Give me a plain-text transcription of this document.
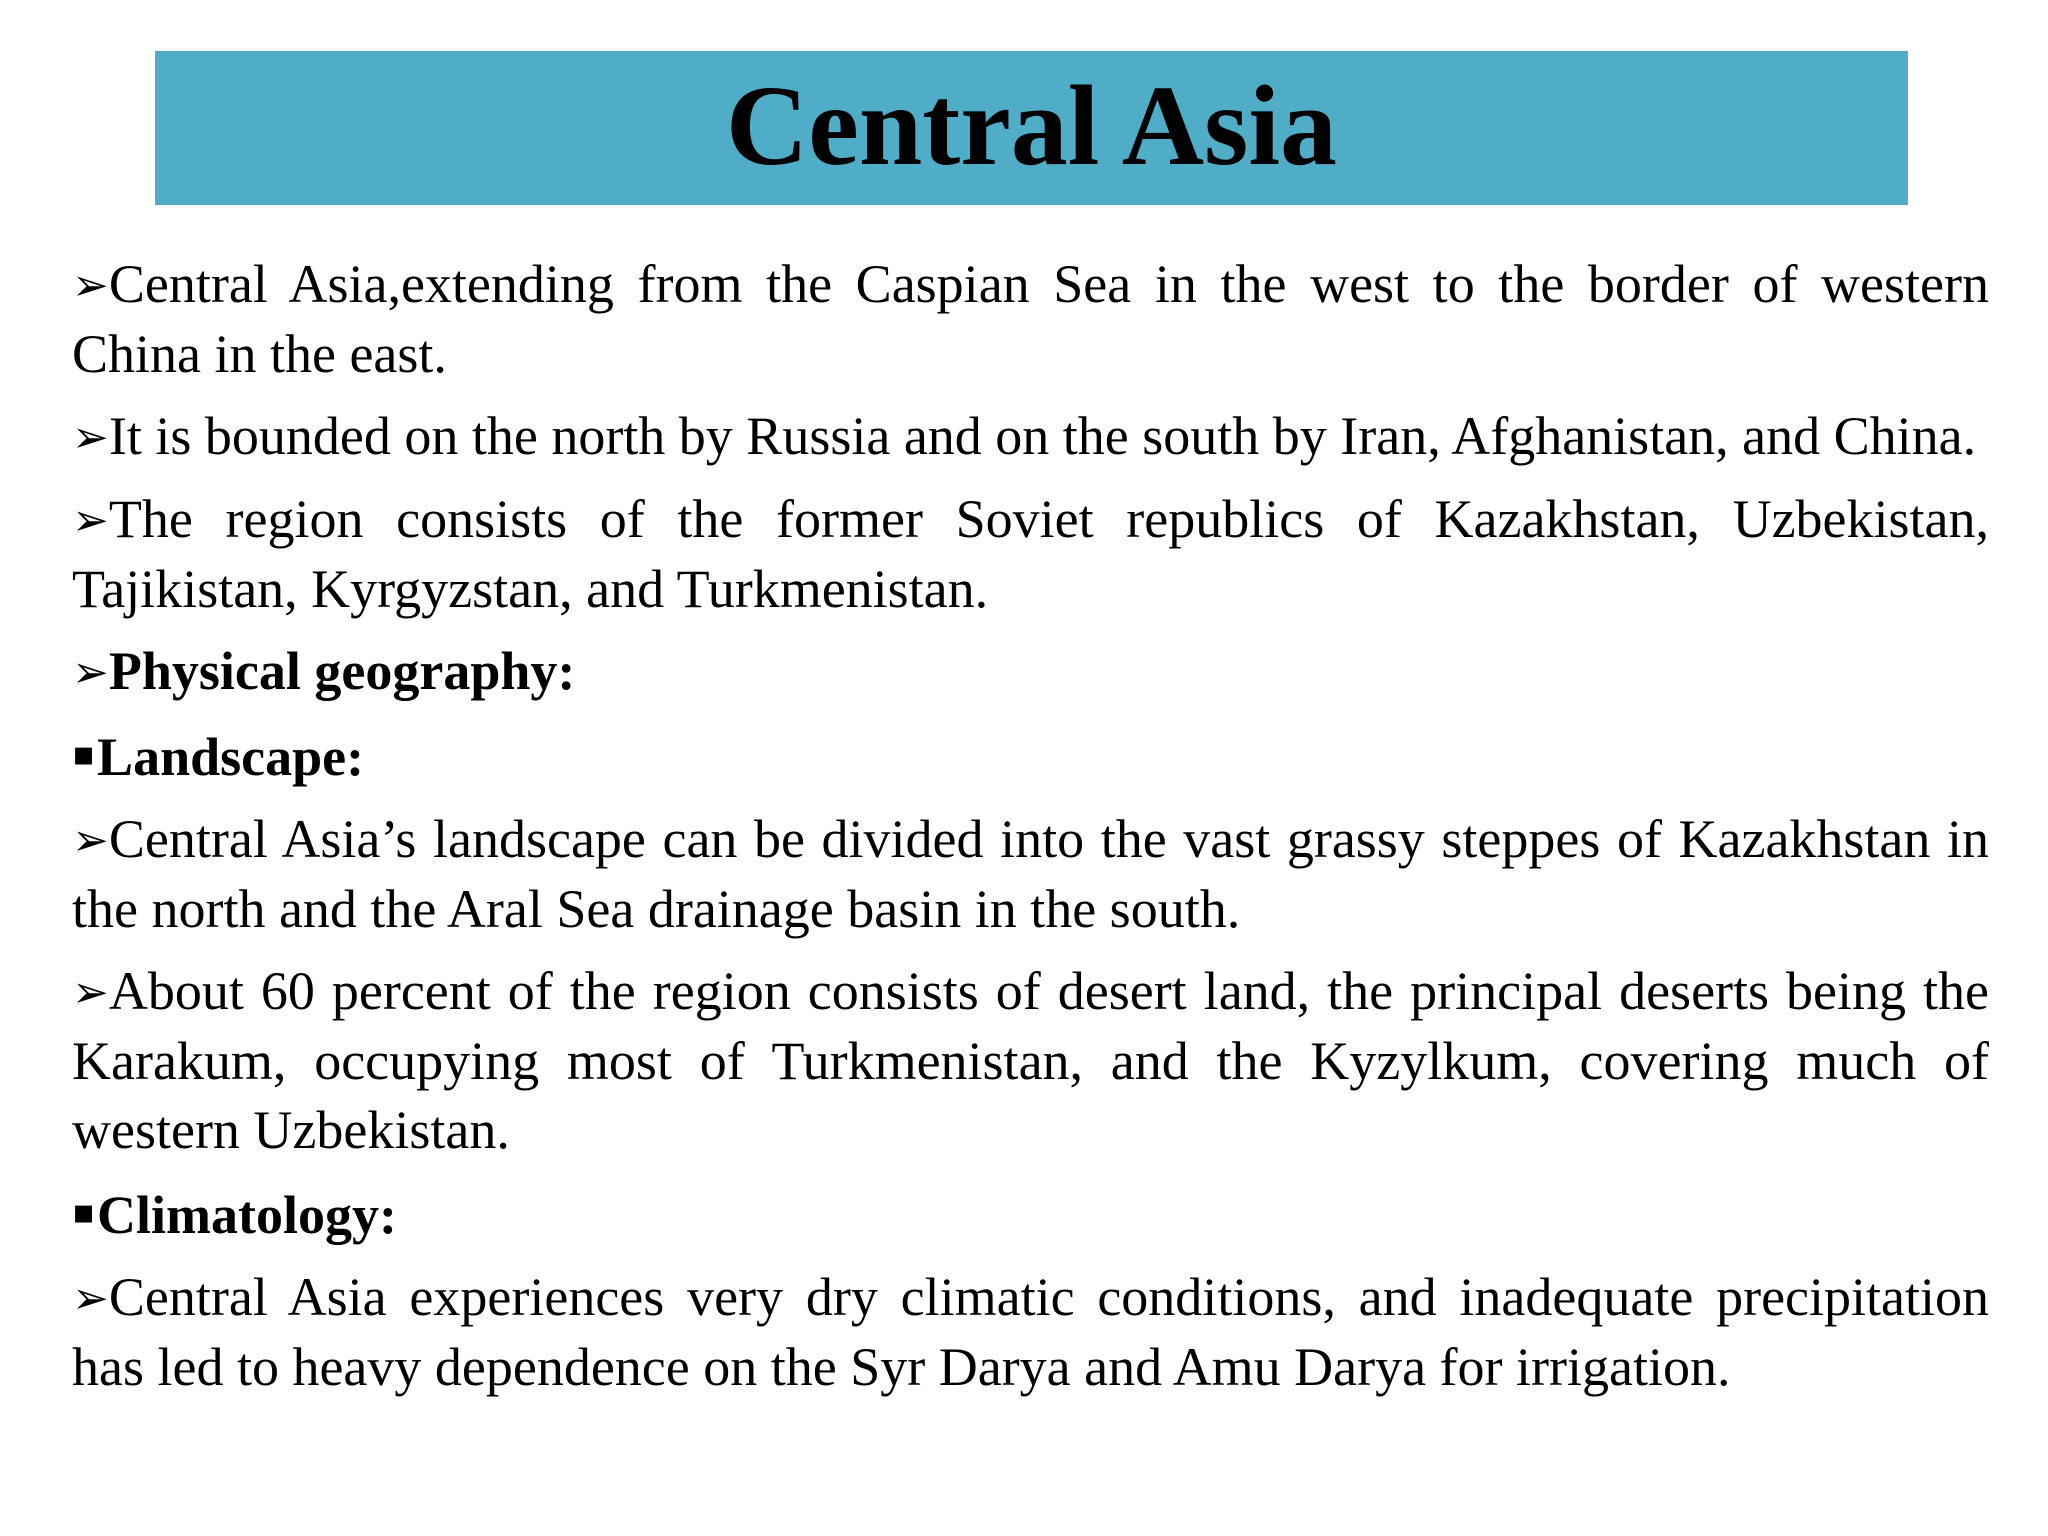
Central Asia

➢Central Asia,extending from the Caspian Sea in the west to the border of western China in the east.

➢It is bounded on the north by Russia and on the south by Iran, Afghanistan, and China.

➢The region consists of the former Soviet republics of Kazakhstan, Uzbekistan, Tajikistan, Kyrgyzstan, and Turkmenistan.

➢Physical geography:

▪Landscape:

➢Central Asia’s landscape can be divided into the vast grassy steppes of Kazakhstan in the north and the Aral Sea drainage basin in the south.

➢About 60 percent of the region consists of desert land, the principal deserts being the Karakum, occupying most of Turkmenistan, and the Kyzylkum, covering much of western Uzbekistan.

▪Climatology:

➢Central Asia experiences very dry climatic conditions, and inadequate precipitation has led to heavy dependence on the Syr Darya and Amu Darya for irrigation.
